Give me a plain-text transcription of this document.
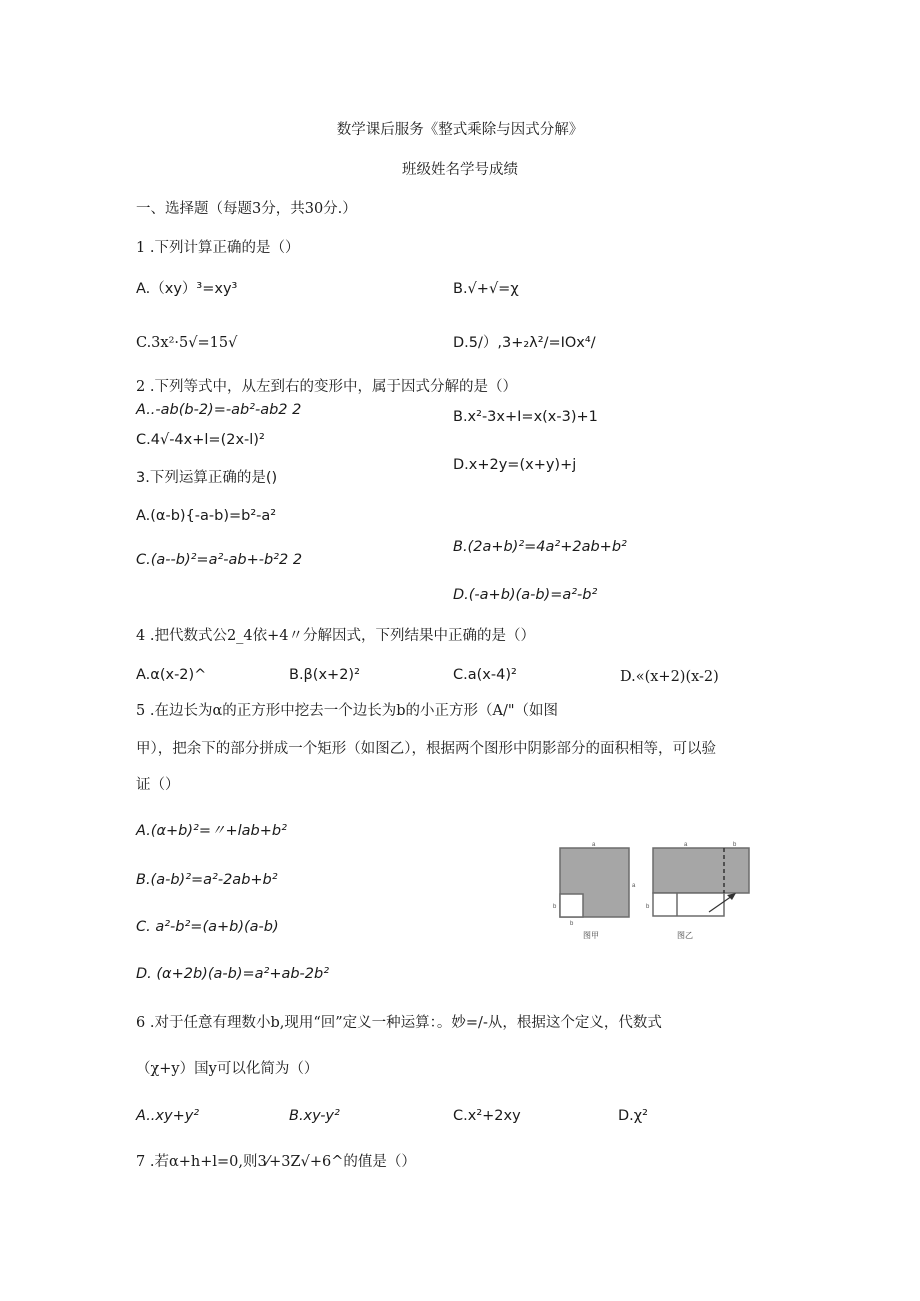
数学课后服务《整式乘除与因式分解》
班级姓名学号成绩
一、选择题（每题3分，共30分.）
1 .下列计算正确的是（）
A.（xy）³=xy³	B.√+√=χ
C.3x²·5√=15√	D.5/）,3+₂λ²/=IOx⁴/
2 .下列等式中，从左到右的变形中，属于因式分解的是（）
A..-ab(b-2)=-ab²-ab2 2	B.x²-3x+I=x(x-3)+1
C.4√-4x+l=(2x-l)²
D.x+2y=(x+y)+j
3.下列运算正确的是()
A.(α-b){-a-b)=b²-a²
B.(2a+b)²=4a²+2ab+b²
C.(a--b)²=a²-ab+-b²2 2
D.(-a+b)(a-b)=a²-b²
4 .把代数式公2_4依+4〃分解因式，下列结果中正确的是（）
A.α(x-2)^	B.β(x+2)²	C.a(x-4)²	D.«(x+2)(x-2)
5 .在边长为α的正方形中挖去一个边长为b的小正方形（A/"（如图
甲），把余下的部分拼成一个矩形（如图乙），根据两个图形中阴影部分的面积相等，可以验
证（）
A.(α+b)²=〃+lab+b²
B.(a-b)²=a²-2ab+b²
C. a²-b²=(a+b)(a-b)
D. (α+2b)(a-b)=a²+ab-2b²
a
a
b
b
图甲
a	b
b
图乙
6 .对于任意有理数小b,现用“回”定义一种运算：。妙=/-从，根据这个定义，代数式
（χ+y）国y可以化简为（）
A..xy+y²	B.xy-y²	C.x²+2xy	D.χ²
7 .若α+h+l=0,则3⁄+3Z√+6^的值是（）
